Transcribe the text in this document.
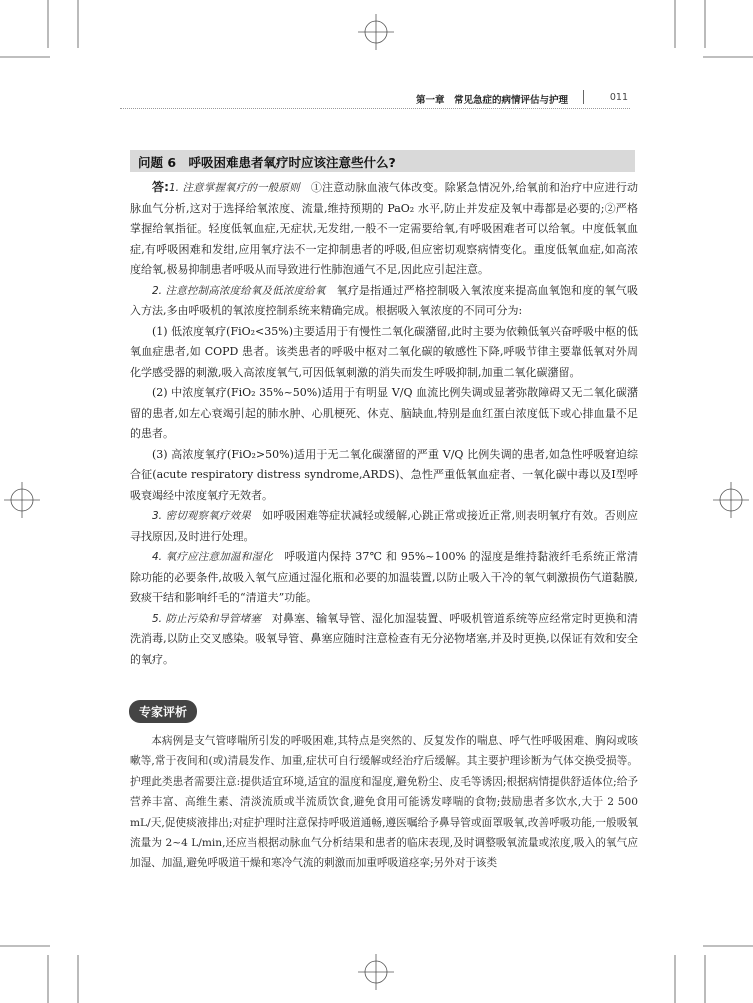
第一章　常见急症的病情评估与护理	011
问题 6　呼吸困难患者氧疗时应该注意些什么?

答:1. 注意掌握氧疗的一般原则　①注意动脉血液气体改变。除紧急情况外,给氧前和治疗中应进行动脉血气分析,这对于选择给氧浓度、流量,维持预期的 PaO₂ 水平,防止并发症及氧中毒都是必要的;②严格掌握给氧指征。轻度低氧血症,无症状,无发绀,一般不一定需要给氧,有呼吸困难者可以给氧。中度低氧血症,有呼吸困难和发绀,应用氧疗法不一定抑制患者的呼吸,但应密切观察病情变化。重度低氧血症,如高浓度给氧,极易抑制患者呼吸从而导致进行性肺泡通气不足,因此应引起注意。

2. 注意控制高浓度给氧及低浓度给氧　氧疗是指通过严格控制吸入氧浓度来提高血氧饱和度的氧气吸入方法,多由呼吸机的氧浓度控制系统来精确完成。根据吸入氧浓度的不同可分为:

(1) 低浓度氧疗(FiO₂<35%)主要适用于有慢性二氧化碳潴留,此时主要为依赖低氧兴奋呼吸中枢的低氧血症患者,如 COPD 患者。该类患者的呼吸中枢对二氧化碳的敏感性下降,呼吸节律主要靠低氧对外周化学感受器的刺激,吸入高浓度氧气,可因低氧刺激的消失而发生呼吸抑制,加重二氧化碳潴留。

(2) 中浓度氧疗(FiO₂ 35%~50%)适用于有明显 V/Q 血流比例失调或显著弥散障碍又无二氧化碳潴留的患者,如左心衰竭引起的肺水肿、心肌梗死、休克、脑缺血,特别是血红蛋白浓度低下或心排血量不足的患者。

(3) 高浓度氧疗(FiO₂>50%)适用于无二氧化碳潴留的严重 V/Q 比例失调的患者,如急性呼吸窘迫综合征(acute respiratory distress syndrome,ARDS)、急性严重低氧血症者、一氧化碳中毒以及Ⅰ型呼吸衰竭经中浓度氧疗无效者。

3. 密切观察氧疗效果　如呼吸困难等症状减轻或缓解,心跳正常或接近正常,则表明氧疗有效。否则应寻找原因,及时进行处理。

4. 氧疗应注意加温和湿化　呼吸道内保持 37℃ 和 95%~100% 的湿度是维持黏液纤毛系统正常清除功能的必要条件,故吸入氧气应通过湿化瓶和必要的加温装置,以防止吸入干冷的氧气刺激损伤气道黏膜,致痰干结和影响纤毛的“清道夫”功能。

5. 防止污染和导管堵塞　对鼻塞、输氧导管、湿化加湿装置、呼吸机管道系统等应经常定时更换和清洗消毒,以防止交叉感染。吸氧导管、鼻塞应随时注意检查有无分泌物堵塞,并及时更换,以保证有效和安全的氧疗。

专家评析

本病例是支气管哮喘所引发的呼吸困难,其特点是突然的、反复发作的喘息、呼气性呼吸困难、胸闷或咳嗽等,常于夜间和(或)清晨发作、加重,症状可自行缓解或经治疗后缓解。其主要护理诊断为气体交换受损等。护理此类患者需要注意:提供适宜环境,适宜的温度和湿度,避免粉尘、皮毛等诱因;根据病情提供舒适体位;给予营养丰富、高维生素、清淡流质或半流质饮食,避免食用可能诱发哮喘的食物;鼓励患者多饮水,大于 2 500 mL/天,促使痰液排出;对症护理时注意保持呼吸道通畅,遵医嘱给予鼻导管或面罩吸氧,改善呼吸功能,一般吸氧流量为 2~4 L/min,还应当根据动脉血气分析结果和患者的临床表现,及时调整吸氧流量或浓度,吸入的氧气应加湿、加温,避免呼吸道干燥和寒冷气流的刺激而加重呼吸道痉挛;另外对于该类
